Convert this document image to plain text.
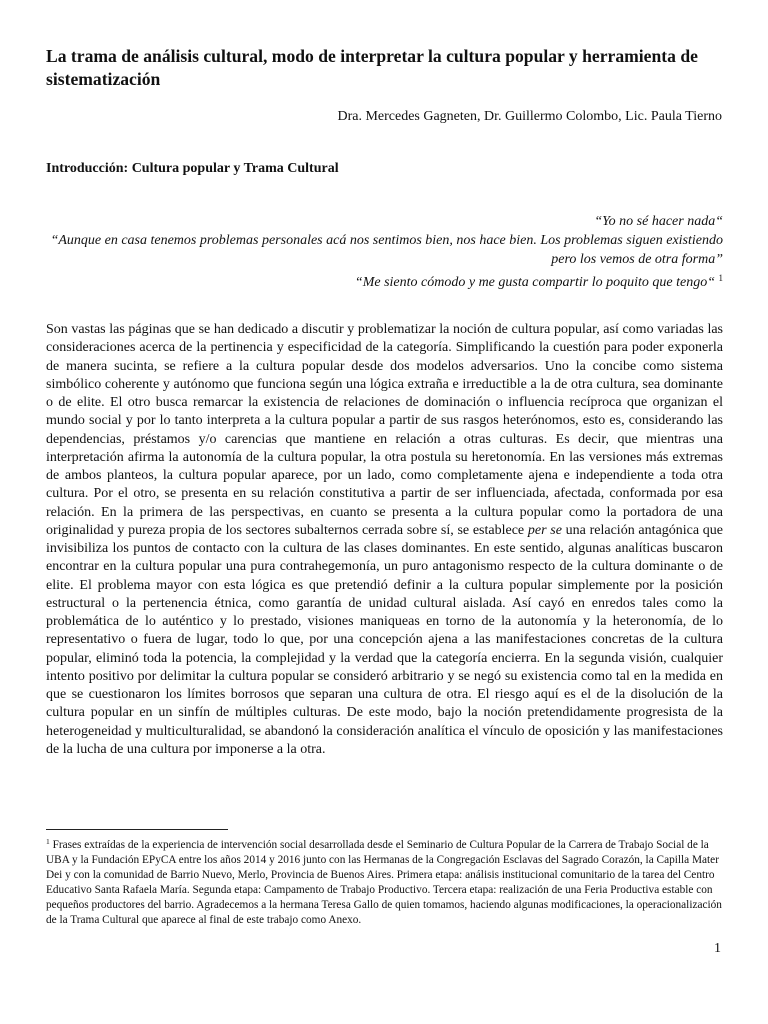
La trama de análisis cultural, modo de interpretar la cultura popular y herramienta de sistematización

Dra. Mercedes Gagneten, Dr. Guillermo Colombo, Lic. Paula Tierno

Introducción: Cultura popular y Trama Cultural
“Yo no sé hacer nada“
“Aunque en casa tenemos problemas personales acá nos sentimos bien, nos hace bien. Los problemas siguen existiendo pero los vemos de otra forma”
“Me siento cómodo y me gusta compartir lo poquito que tengo“ $^1$

Son vastas las páginas que se han dedicado a discutir y problematizar la noción de cultura popular, así como variadas las consideraciones acerca de la pertinencia y especificidad de la categoría. Simplificando la cuestión para poder exponerla de manera sucinta, se refiere a la cultura popular desde dos modelos adversarios. Uno la concibe como sistema simbólico coherente y autónomo que funciona según una lógica extraña e irreductible a la de otra cultura, sea dominante o de elite. El otro busca remarcar la existencia de relaciones de dominación o influencia recíproca que organizan el mundo social y por lo tanto interpreta a la cultura popular a partir de sus rasgos heterónomos, esto es, considerando las dependencias, préstamos y/o carencias que mantiene en relación a otras culturas. Es decir, que mientras una interpretación afirma la autonomía de la cultura popular, la otra postula su heretonomía. En las versiones más extremas de ambos planteos, la cultura popular aparece, por un lado, como completamente ajena e independiente a toda otra cultura. Por el otro, se presenta en su relación constitutiva a partir de ser influenciada, afectada, conformada por esa relación. En la primera de las perspectivas, en cuanto se presenta a la cultura popular como la portadora de una originalidad y pureza propia de los sectores subalternos cerrada sobre sí, se establece per se una relación antagónica que invisibiliza los puntos de contacto con la cultura de las clases dominantes. En este sentido, algunas analíticas buscaron encontrar en la cultura popular una pura contrahegemonía, un puro antagonismo respecto de la cultura dominante o de elite. El problema mayor con esta lógica es que pretendió definir a la cultura popular simplemente por la posición estructural o la pertenencia étnica, como garantía de unidad cultural aislada. Así cayó en enredos tales como la problemática de lo auténtico y lo prestado, visiones maniqueas en torno de la autonomía y la heteronomía, de lo representativo o fuera de lugar, todo lo que, por una concepción ajena a las manifestaciones concretas de la cultura popular, eliminó toda la potencia, la complejidad y la verdad que la categoría encierra. En la segunda visión, cualquier intento positivo por delimitar la cultura popular se consideró arbitrario y se negó su existencia como tal en la medida en que se cuestionaron los límites borrosos que separan una cultura de otra. El riesgo aquí es el de la disolución de la cultura popular en un sinfín de múltiples culturas. De este modo, bajo la noción pretendidamente progresista de la heterogeneidad y multiculturalidad, se abandonó la consideración analítica el vínculo de oposición y las manifestaciones de la lucha de una cultura por imponerse a la otra.

$^1$ Frases extraídas de la experiencia de intervención social desarrollada desde el Seminario de Cultura Popular de la Carrera de Trabajo Social de la UBA y la Fundación EPyCA entre los años 2014 y 2016 junto con las Hermanas de la Congregación Esclavas del Sagrado Corazón, la Capilla Mater Dei y con la comunidad de Barrio Nuevo, Merlo, Provincia de Buenos Aires. Primera etapa: análisis institucional comunitario de la tarea del Centro Educativo Santa Rafaela María. Segunda etapa: Campamento de Trabajo Productivo. Tercera etapa: realización de una Feria Productiva estable con pequeños productores del barrio. Agradecemos a la hermana Teresa Gallo de quien tomamos, haciendo algunas modificaciones, la operacionalización de la Trama Cultural que aparece al final de este trabajo como Anexo.

1
